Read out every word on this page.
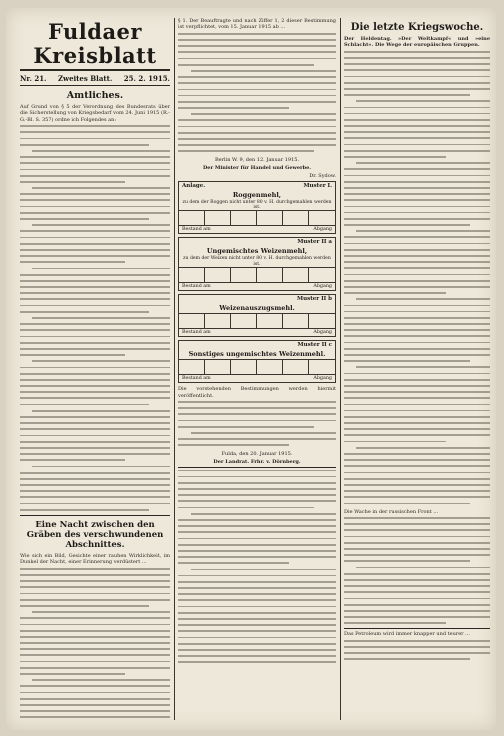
Fuldaer Kreisblatt
Nr. 21. Zweites Blatt. 25. 2. 1915.
Amtliches.
Auf Grund von § 5 der Verordnung des Bundesrats über die Sicherstellung von Kriegsbedarf vom 24. Juni 1915 (R.-G.-Bl. S. 357) ordne ich Folgendes an:
Eine Nacht zwischen den Gräben des verschwundenen Abschnittes.
Wie sich ein Bild, Gesichte einer rauhen Wirklichkeit, im Dunkel der Nacht, einer Erinnerung verdüstert ...
§ 1. Der Beauftragte und nach Ziffer 1, 2 dieser Bestimmung ist verpflichtet, vom 15. Januar 1915 ab ...
Berlin W. 9, den 12. Januar 1915.
Der Minister für Handel und Gewerbe.
Dr. Sydow.
Anlage.	Muster I.
Roggenmehl,
zu dem der Roggen nicht unter 80 v. H. durchgemahlen werden ist.
Bestand am	Abgang
Muster II a
Ungemischtes Weizenmehl,
zu dem der Weizen nicht unter 80 v. H. durchgemahlen werden ist.
Bestand am	Abgang
Muster II b
Weizenauszugsmehl.
Bestand am	Abgang
Muster II c
Sonstiges ungemischtes Weizenmehl.
Bestand am	Abgang
Die vorstehenden Bestimmungen werden hiermit veröffentlicht.
Fulda, den 20. Januar 1915.
Der Landrat. Frhr. v. Dörnberg.
Die letzte Kriegswoche.
Der Heldentag. »Der Weltkampf« und »eine Schlacht«. Die Wege der europäischen Gruppen.
Die Wache in der russischen Front ...
Das Petroleum wird immer knapper und teurer ...
